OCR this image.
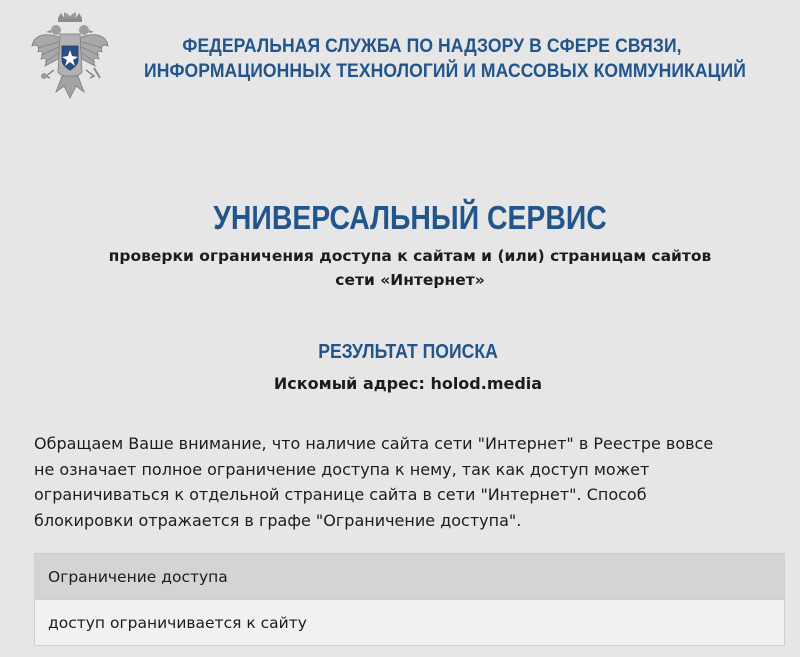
ФЕДЕРАЛЬНАЯ СЛУЖБА ПО НАДЗОРУ В СФЕРЕ СВЯЗИ,
ИНФОРМАЦИОННЫХ ТЕХНОЛОГИЙ И МАССОВЫХ КОММУНИКАЦИЙ
УНИВЕРСАЛЬНЫЙ СЕРВИС
проверки ограничения доступа к сайтам и (или) страницам сайтов
сети «Интернет»
РЕЗУЛЬТАТ ПОИСКА
Искомый адрес: holod.media
Обращаем Ваше внимание, что наличие сайта сети "Интернет" в Реестре вовсе
не означает полное ограничение доступа к нему, так как доступ может
ограничиваться к отдельной странице сайта в сети "Интернет". Способ
блокировки отражается в графе "Ограничение доступа".
Ограничение доступа
доступ ограничивается к сайту
